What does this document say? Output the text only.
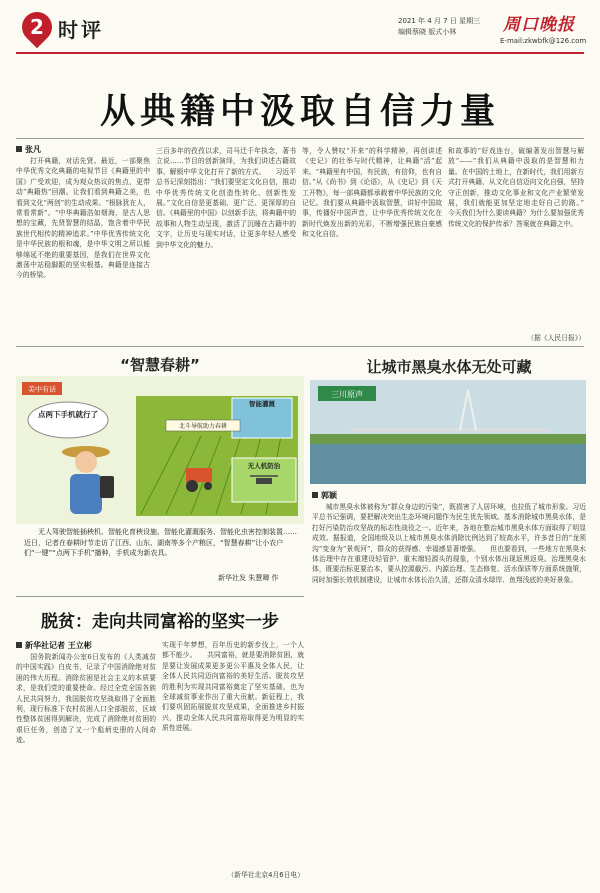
2 时评	2021 年 4 月 7 日 星期三
编辑蔡晓 版式小林	周口晚报
E-mail:zkwbfk@126.com
从典籍中汲取自信力量
张凡
　　打开典籍，对话先贤。最近，一部聚焦中华优秀文化典籍的电视节目《典籍里的中国》广受欢迎，成为观众热议的焦点，更带动“典籍热”回潮。让我们看到典籍之美，也看到文化“两创”的生动成果。“根脉犹在人，常看常新”。“中华典籍浩如烟海，是古人思想的宝藏，先贤智慧的结晶，饱含着中华民族世代相传的精神追求。”中华优秀传统文化是中华民族的根和魂，是中华文明之所以能够绵延不绝的重要基因，是我们在世界文化激荡中站稳脚跟的坚实根基。典籍是连接古今的桥梁。
三百多年的孜孜以求，司马迁千年执念，著书立说……节目的创新演绎，为我们讲述古籍故事、解锁中华文化打开了新的方式。　　习近平总书记深刻指出：“我们要坚定文化自信，推动中华优秀传统文化创造性转化、创新性发展。”文化自信是更基础、更广泛、更深厚的自信。《典籍里的中国》以创新手法，将典籍中的故事和人物生动呈现，激活了沉睡在古籍中的文字，让历史与现实对话，让更多年轻人感受到中华文化的魅力。
等，令人赞叹“开来”的科学精神，再创讲述《史记》的壮举与时代精神，让典籍“活”起来。“典籍里有中国，有民族，有信仰，也有自信。”从《尚书》到《论语》，从《史记》到《天工开物》，每一部典籍都承载着中华民族的文化记忆。我们要从典籍中汲取智慧，讲好中国故事，传播好中国声音，让中华优秀传统文化在新时代焕发出新的光彩，不断增强民族自豪感和文化自信。
和故事的“好戏连台，破编著发出智慧与解放”——“我们从典籍中汲取的是智慧和力量。在中国的土地上，在新时代，我们用新方式打开典籍，从文化自信迈向文化自强，坚持守正创新，推动文化事业和文化产业繁荣发展，我们就能更加坚定地走好自己的路。”　　今天我们为什么要读典籍？为什么要加强优秀传统文化的保护传承？答案就在典籍之中。
（据《人民日报》）
“智慧春耕”
美中有话
智能灌溉
北斗导航助力春耕
无人机防治
点两下手机就行了
　　无人驾驶智能插秧机、智能化育秧设施、智能化灌溉服务、智能化虫害控制装置……近日，记者在春耕时节走访了江西、山东、湖南等多个产粮区，“智慧春耕”让小农户们“一键”“点两下手机”播种，手机成为新农具。
新华社发 朱慧卿 作
让城市黑臭水体无处可藏
三川原声
郭颖
　　城市黑臭水体被称为“群众身边的污染”，既损害了人居环境，也拉低了城市形象。习近平总书记强调，要把解决突出生态环境问题作为民生优先领域。基本消除城市黑臭水体，是打好污染防治攻坚战的标志性战役之一。近年来，各地在整治城市黑臭水体方面取得了明显成效。据报道，全国地级及以上城市黑臭水体消除比例达到了较高水平，许多昔日的“龙须沟”变身为“景观河”，群众的获得感、幸福感显著增强。　　但也要看到，一些地方在黑臭水体治理中存在重建设轻管护、重末端轻源头的现象，个别水体出现返黑返臭。治理黑臭水体，既要治标更要治本，要从控源截污、内源治理、生态修复、活水保质等方面系统施策，同时加强长效机制建设，让城市水体长治久清，还群众清水绿岸、鱼翔浅底的美好景象。
脱贫：走向共同富裕的坚实一步
新华社记者 王立彬
　　国务院新闻办公室6日发布的《人类减贫的中国实践》白皮书，记录了中国消除绝对贫困的伟大历程。消除贫困是社会主义的本质要求，是我们党的重要使命。经过全党全国各族人民共同努力，我国脱贫攻坚战取得了全面胜利，现行标准下农村贫困人口全部脱贫，区域性整体贫困得到解决，完成了消除绝对贫困的艰巨任务，创造了又一个彪炳史册的人间奇迹。
实现千年梦想，百年历史的新步伐上，一个人都不能少。　　共同富裕，就是要消除贫困，就是要让发展成果更多更公平惠及全体人民，让全体人民共同迈向富裕的美好生活。脱贫攻坚的胜利为实现共同富裕奠定了坚实基础，也为全球减贫事业作出了重大贡献。新征程上，我们要巩固拓展脱贫攻坚成果，全面推进乡村振兴，推动全体人民共同富裕取得更为明显的实质性进展。
（新华社北京4月6日电）
